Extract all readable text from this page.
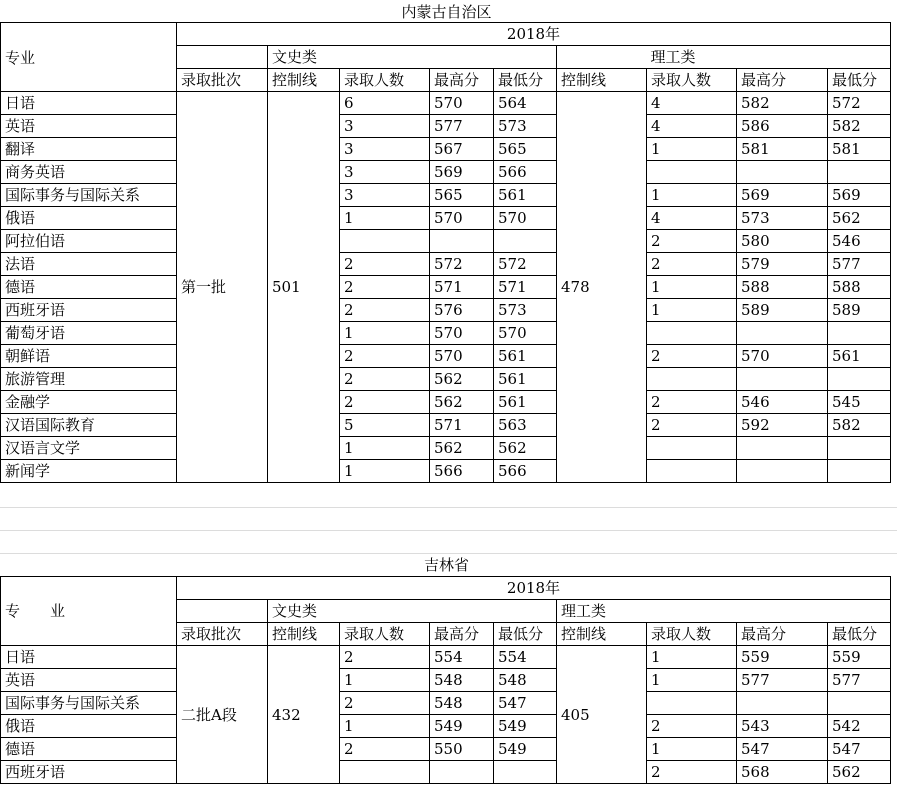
内蒙古自治区
专业	2018年								
		文史类					理工类		
	录取批次	控制线	录取人数	最高分	最低分	控制线	录取人数	最高分	最低分
日语	第一批	501	6	570	564	478	4	582	572
英语			3	577	573		4	586	582
翻译			3	567	565		1	581	581
商务英语			3	569	566				
国际事务与国际关系			3	565	561		1	569	569
俄语			1	570	570		4	573	562
阿拉伯语							2	580	546
法语			2	572	572		2	579	577
德语			2	571	571		1	588	588
西班牙语			2	576	573		1	589	589
葡萄牙语			1	570	570				
朝鲜语			2	570	561		2	570	561
旅游管理			2	562	561				
金融学			2	562	561		2	546	545
汉语国际教育			5	571	563		2	592	582
汉语言文学			1	562	562				
新闻学			1	566	566				
吉林省
专　　业	2018年								
		文史类				理工类			
	录取批次	控制线	录取人数	最高分	最低分	控制线	录取人数	最高分	最低分
日语	二批A段	432	2	554	554	405	1	559	559
英语			1	548	548		1	577	577
国际事务与国际关系			2	548	547				
俄语			1	549	549		2	543	542
德语			2	550	549		1	547	547
西班牙语							2	568	562
